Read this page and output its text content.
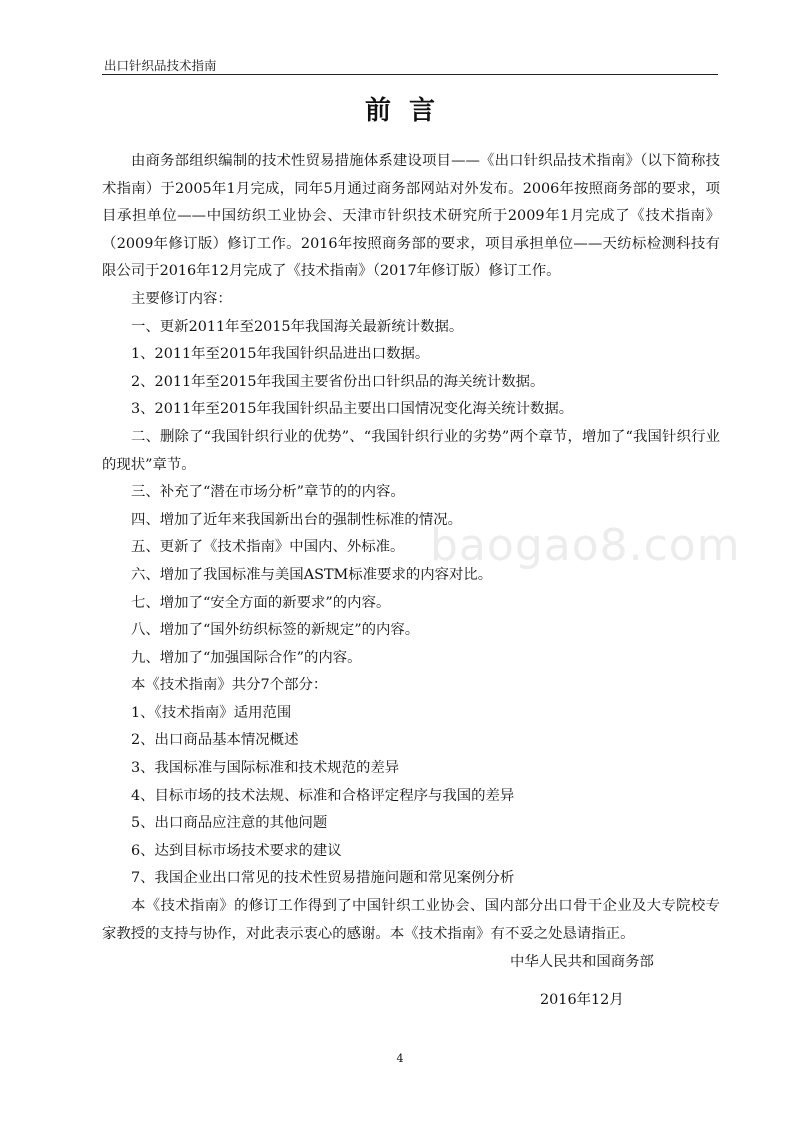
出口针织品技术指南
前言

由商务部组织编制的技术性贸易措施体系建设项目——《出口针织品技术指南》（以下简称技术指南）于2005年1月完成，同年5月通过商务部网站对外发布。2006年按照商务部的要求，项目承担单位——中国纺织工业协会、天津市针织技术研究所于2009年1月完成了《技术指南》（2009年修订版）修订工作。2016年按照商务部的要求，项目承担单位——天纺标检测科技有限公司于2016年12月完成了《技术指南》（2017年修订版）修订工作。

主要修订内容：

一、更新2011年至2015年我国海关最新统计数据。

1、2011年至2015年我国针织品进出口数据。

2、2011年至2015年我国主要省份出口针织品的海关统计数据。

3、2011年至2015年我国针织品主要出口国情况变化海关统计数据。

二、删除了“我国针织行业的优势”、“我国针织行业的劣势”两个章节，增加了“我国针织行业的现状”章节。

三、补充了“潜在市场分析”章节的的内容。

四、增加了近年来我国新出台的强制性标准的情况。

五、更新了《技术指南》中国内、外标准。

六、增加了我国标准与美国ASTM标准要求的内容对比。

七、增加了“安全方面的新要求”的内容。

八、增加了“国外纺织标签的新规定”的内容。

九、增加了“加强国际合作”的内容。

本《技术指南》共分7个部分：

1、《技术指南》适用范围

2、出口商品基本情况概述

3、我国标准与国际标准和技术规范的差异

4、目标市场的技术法规、标准和合格评定程序与我国的差异

5、出口商品应注意的其他问题

6、达到目标市场技术要求的建议

7、我国企业出口常见的技术性贸易措施问题和常见案例分析

本《技术指南》的修订工作得到了中国针织工业协会、国内部分出口骨干企业及大专院校专家教授的支持与协作，对此表示衷心的感谢。本《技术指南》有不妥之处恳请指正。

中华人民共和国商务部
2016年12月
baogao8.com
4
